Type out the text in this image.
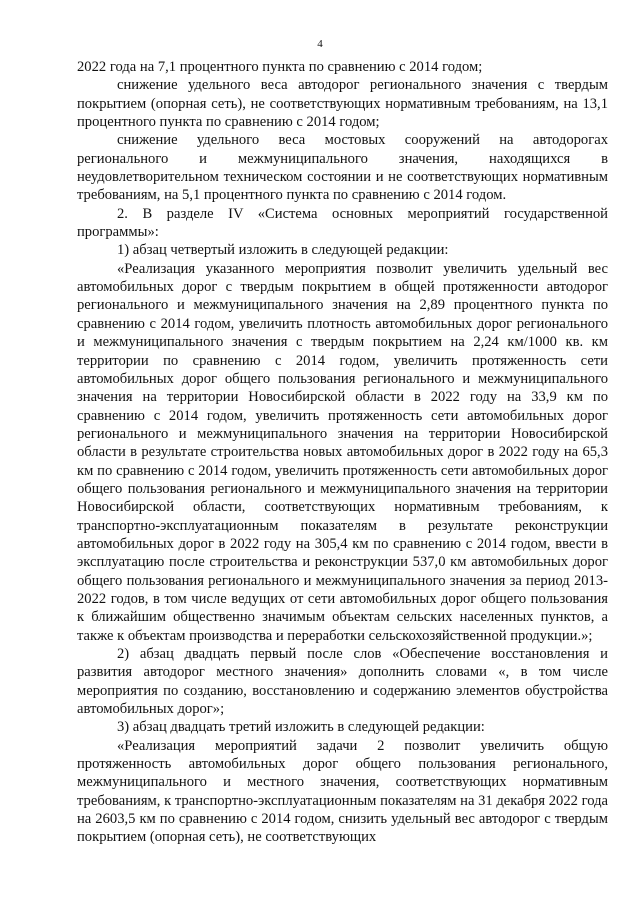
4

2022 года на 7,1 процентного пункта по сравнению с 2014 годом;

снижение удельного веса автодорог регионального значения с твердым покрытием (опорная сеть), не соответствующих нормативным требованиям, на 13,1 процентного пункта по сравнению с 2014 годом;

снижение удельного веса мостовых сооружений на автодорогах регионального и межмуниципального значения, находящихся в неудовлетворительном техническом состоянии и не соответствующих нормативным требованиям, на 5,1 процентного пункта по сравнению с 2014 годом.

2. В разделе IV «Система основных мероприятий государственной программы»:

1) абзац четвертый изложить в следующей редакции:

«Реализация указанного мероприятия позволит увеличить удельный вес автомобильных дорог с твердым покрытием в общей протяженности автодорог регионального и межмуниципального значения на 2,89 процентного пункта по сравнению с 2014 годом, увеличить плотность автомобильных дорог регионального и межмуниципального значения с твердым покрытием на 2,24 км/1000 кв. км территории по сравнению с 2014 годом, увеличить протяженность сети автомобильных дорог общего пользования регионального и межмуниципального значения на территории Новосибирской области в 2022 году на 33,9 км по сравнению с 2014 годом, увеличить протяженность сети автомобильных дорог регионального и межмуниципального значения на территории Новосибирской области в результате строительства новых автомобильных дорог в 2022 году на 65,3 км по сравнению с 2014 годом, увеличить протяженность сети автомобильных дорог общего пользования регионального и межмуниципального значения на территории Новосибирской области, соответствующих нормативным требованиям, к транспортно-эксплуатационным показателям в результате реконструкции автомобильных дорог в 2022 году на 305,4 км по сравнению с 2014 годом, ввести в эксплуатацию после строительства и реконструкции 537,0 км автомобильных дорог общего пользования регионального и межмуниципального значения за период 2013-2022 годов, в том числе ведущих от сети автомобильных дорог общего пользования к ближайшим общественно значимым объектам сельских населенных пунктов, а также к объектам производства и переработки сельскохозяйственной продукции.»;

2) абзац двадцать первый после слов «Обеспечение восстановления и развития автодорог местного значения» дополнить словами «, в том числе мероприятия по созданию, восстановлению и содержанию элементов обустройства автомобильных дорог»;

3) абзац двадцать третий изложить в следующей редакции:

«Реализация мероприятий задачи 2 позволит увеличить общую протяженность автомобильных дорог общего пользования регионального, межмуниципального и местного значения, соответствующих нормативным требованиям, к транспортно-эксплуатационным показателям на 31 декабря 2022 года на 2603,5 км по сравнению с 2014 годом, снизить удельный вес автодорог с твердым покрытием (опорная сеть), не соответствующих
